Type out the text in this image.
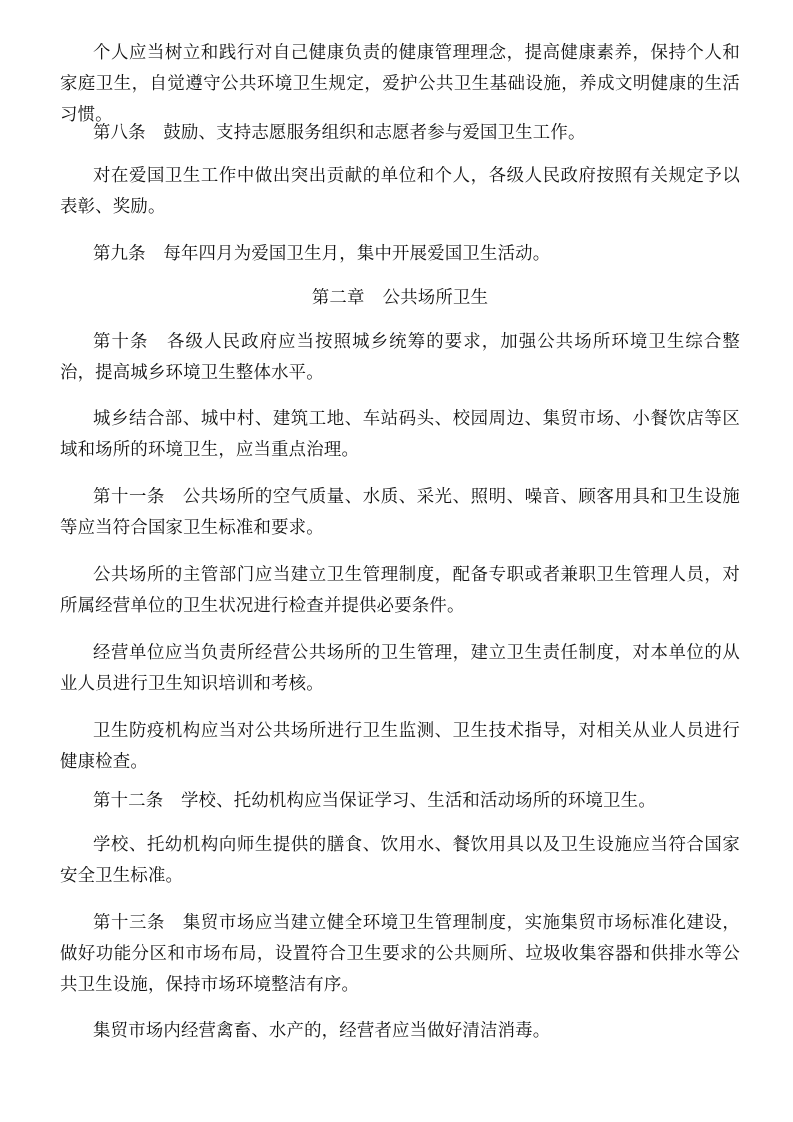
个人应当树立和践行对自己健康负责的健康管理理念，提高健康素养，保持个人和家庭卫生，自觉遵守公共环境卫生规定，爱护公共卫生基础设施，养成文明健康的生活习惯。

第八条　鼓励、支持志愿服务组织和志愿者参与爱国卫生工作。

对在爱国卫生工作中做出突出贡献的单位和个人，各级人民政府按照有关规定予以表彰、奖励。

第九条　每年四月为爱国卫生月，集中开展爱国卫生活动。

第二章 公共场所卫生

第十条　各级人民政府应当按照城乡统筹的要求，加强公共场所环境卫生综合整治，提高城乡环境卫生整体水平。

城乡结合部、城中村、建筑工地、车站码头、校园周边、集贸市场、小餐饮店等区域和场所的环境卫生，应当重点治理。

第十一条　公共场所的空气质量、水质、采光、照明、噪音、顾客用具和卫生设施等应当符合国家卫生标准和要求。

公共场所的主管部门应当建立卫生管理制度，配备专职或者兼职卫生管理人员，对所属经营单位的卫生状况进行检查并提供必要条件。

经营单位应当负责所经营公共场所的卫生管理，建立卫生责任制度，对本单位的从业人员进行卫生知识培训和考核。

卫生防疫机构应当对公共场所进行卫生监测、卫生技术指导，对相关从业人员进行健康检查。

第十二条　学校、托幼机构应当保证学习、生活和活动场所的环境卫生。

学校、托幼机构向师生提供的膳食、饮用水、餐饮用具以及卫生设施应当符合国家安全卫生标准。

第十三条　集贸市场应当建立健全环境卫生管理制度，实施集贸市场标准化建设，做好功能分区和市场布局，设置符合卫生要求的公共厕所、垃圾收集容器和供排水等公共卫生设施，保持市场环境整洁有序。

集贸市场内经营禽畜、水产的，经营者应当做好清洁消毒。
